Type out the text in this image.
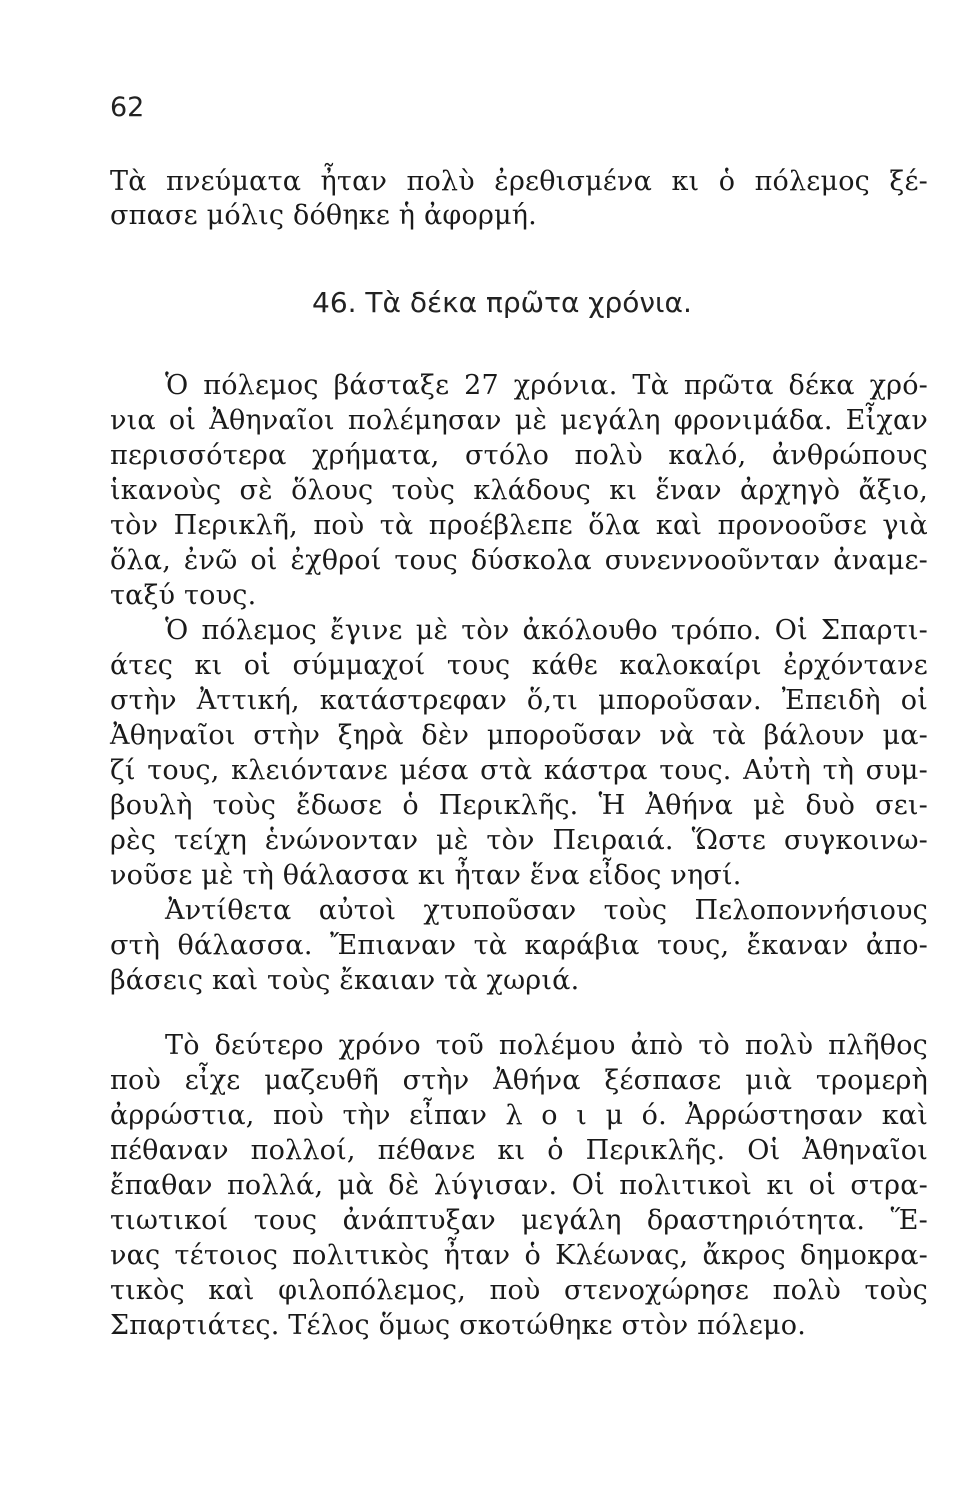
62
Τὰ πνεύματα ἦταν πολὺ ἐρεθισμένα κι ὁ πόλεμος ξέ-
σπασε μόλις δόθηκε ἡ ἀφορμή.
46. Τὰ δέκα πρῶτα χρόνια.
Ὁ πόλεμος βάσταξε 27 χρόνια. Τὰ πρῶτα δέκα χρό-
νια οἱ Ἀθηναῖοι πολέμησαν μὲ μεγάλη φρονιμάδα. Εἶχαν
περισσότερα χρήματα, στόλο πολὺ καλό, ἀνθρώπους
ἱκανοὺς σὲ ὅλους τοὺς κλάδους κι ἕναν ἀρχηγὸ ἄξιο,
τὸν Περικλῆ, ποὺ τὰ προέβλεπε ὅλα καὶ προνοοῦσε γιὰ
ὅλα, ἐνῶ οἱ ἐχθροί τους δύσκολα συνεννοοῦνταν ἀναμε-
ταξύ τους.
Ὁ πόλεμος ἔγινε μὲ τὸν ἀκόλουθο τρόπο. Οἱ Σπαρτι-
άτες κι οἱ σύμμαχοί τους κάθε καλοκαίρι ἐρχόντανε
στὴν Ἀττική, κατάστρεφαν ὅ,τι μποροῦσαν. Ἐπειδὴ οἱ
Ἀθηναῖοι στὴν ξηρὰ δὲν μποροῦσαν νὰ τὰ βάλουν μα-
ζί τους, κλειόντανε μέσα στὰ κάστρα τους. Αὐτὴ τὴ συμ-
βουλὴ τοὺς ἔδωσε ὁ Περικλῆς. Ἡ Ἀθήνα μὲ δυὸ σει-
ρὲς τείχη ἑνώνονταν μὲ τὸν Πειραιά. Ὥστε συγκοινω-
νοῦσε μὲ τὴ θάλασσα κι ἦταν ἕνα εἶδος νησί.
Ἀντίθετα αὐτοὶ χτυποῦσαν τοὺς Πελοποννήσιους
στὴ θάλασσα. Ἔπιαναν τὰ καράβια τους, ἔκαναν ἀπο-
βάσεις καὶ τοὺς ἔκαιαν τὰ χωριά.
Τὸ δεύτερο χρόνο τοῦ πολέμου ἀπὸ τὸ πολὺ πλῆθος
ποὺ εἶχε μαζευθῆ στὴν Ἀθήνα ξέσπασε μιὰ τρομερὴ
ἀρρώστια, ποὺ τὴν εἶπαν λ ο ι μ ό. Ἀρρώστησαν καὶ
πέθαναν πολλοί, πέθανε κι ὁ Περικλῆς. Οἱ Ἀθηναῖοι
ἔπαθαν πολλά, μὰ δὲ λύγισαν. Οἱ πολιτικοὶ κι οἱ στρα-
τιωτικοί τους ἀνάπτυξαν μεγάλη δραστηριότητα. Ἕ-
νας τέτοιος πολιτικὸς ἦταν ὁ Κλέωνας, ἄκρος δημοκρα-
τικὸς καὶ φιλοπόλεμος, ποὺ στενοχώρησε πολὺ τοὺς
Σπαρτιάτες. Τέλος ὅμως σκοτώθηκε στὸν πόλεμο.
